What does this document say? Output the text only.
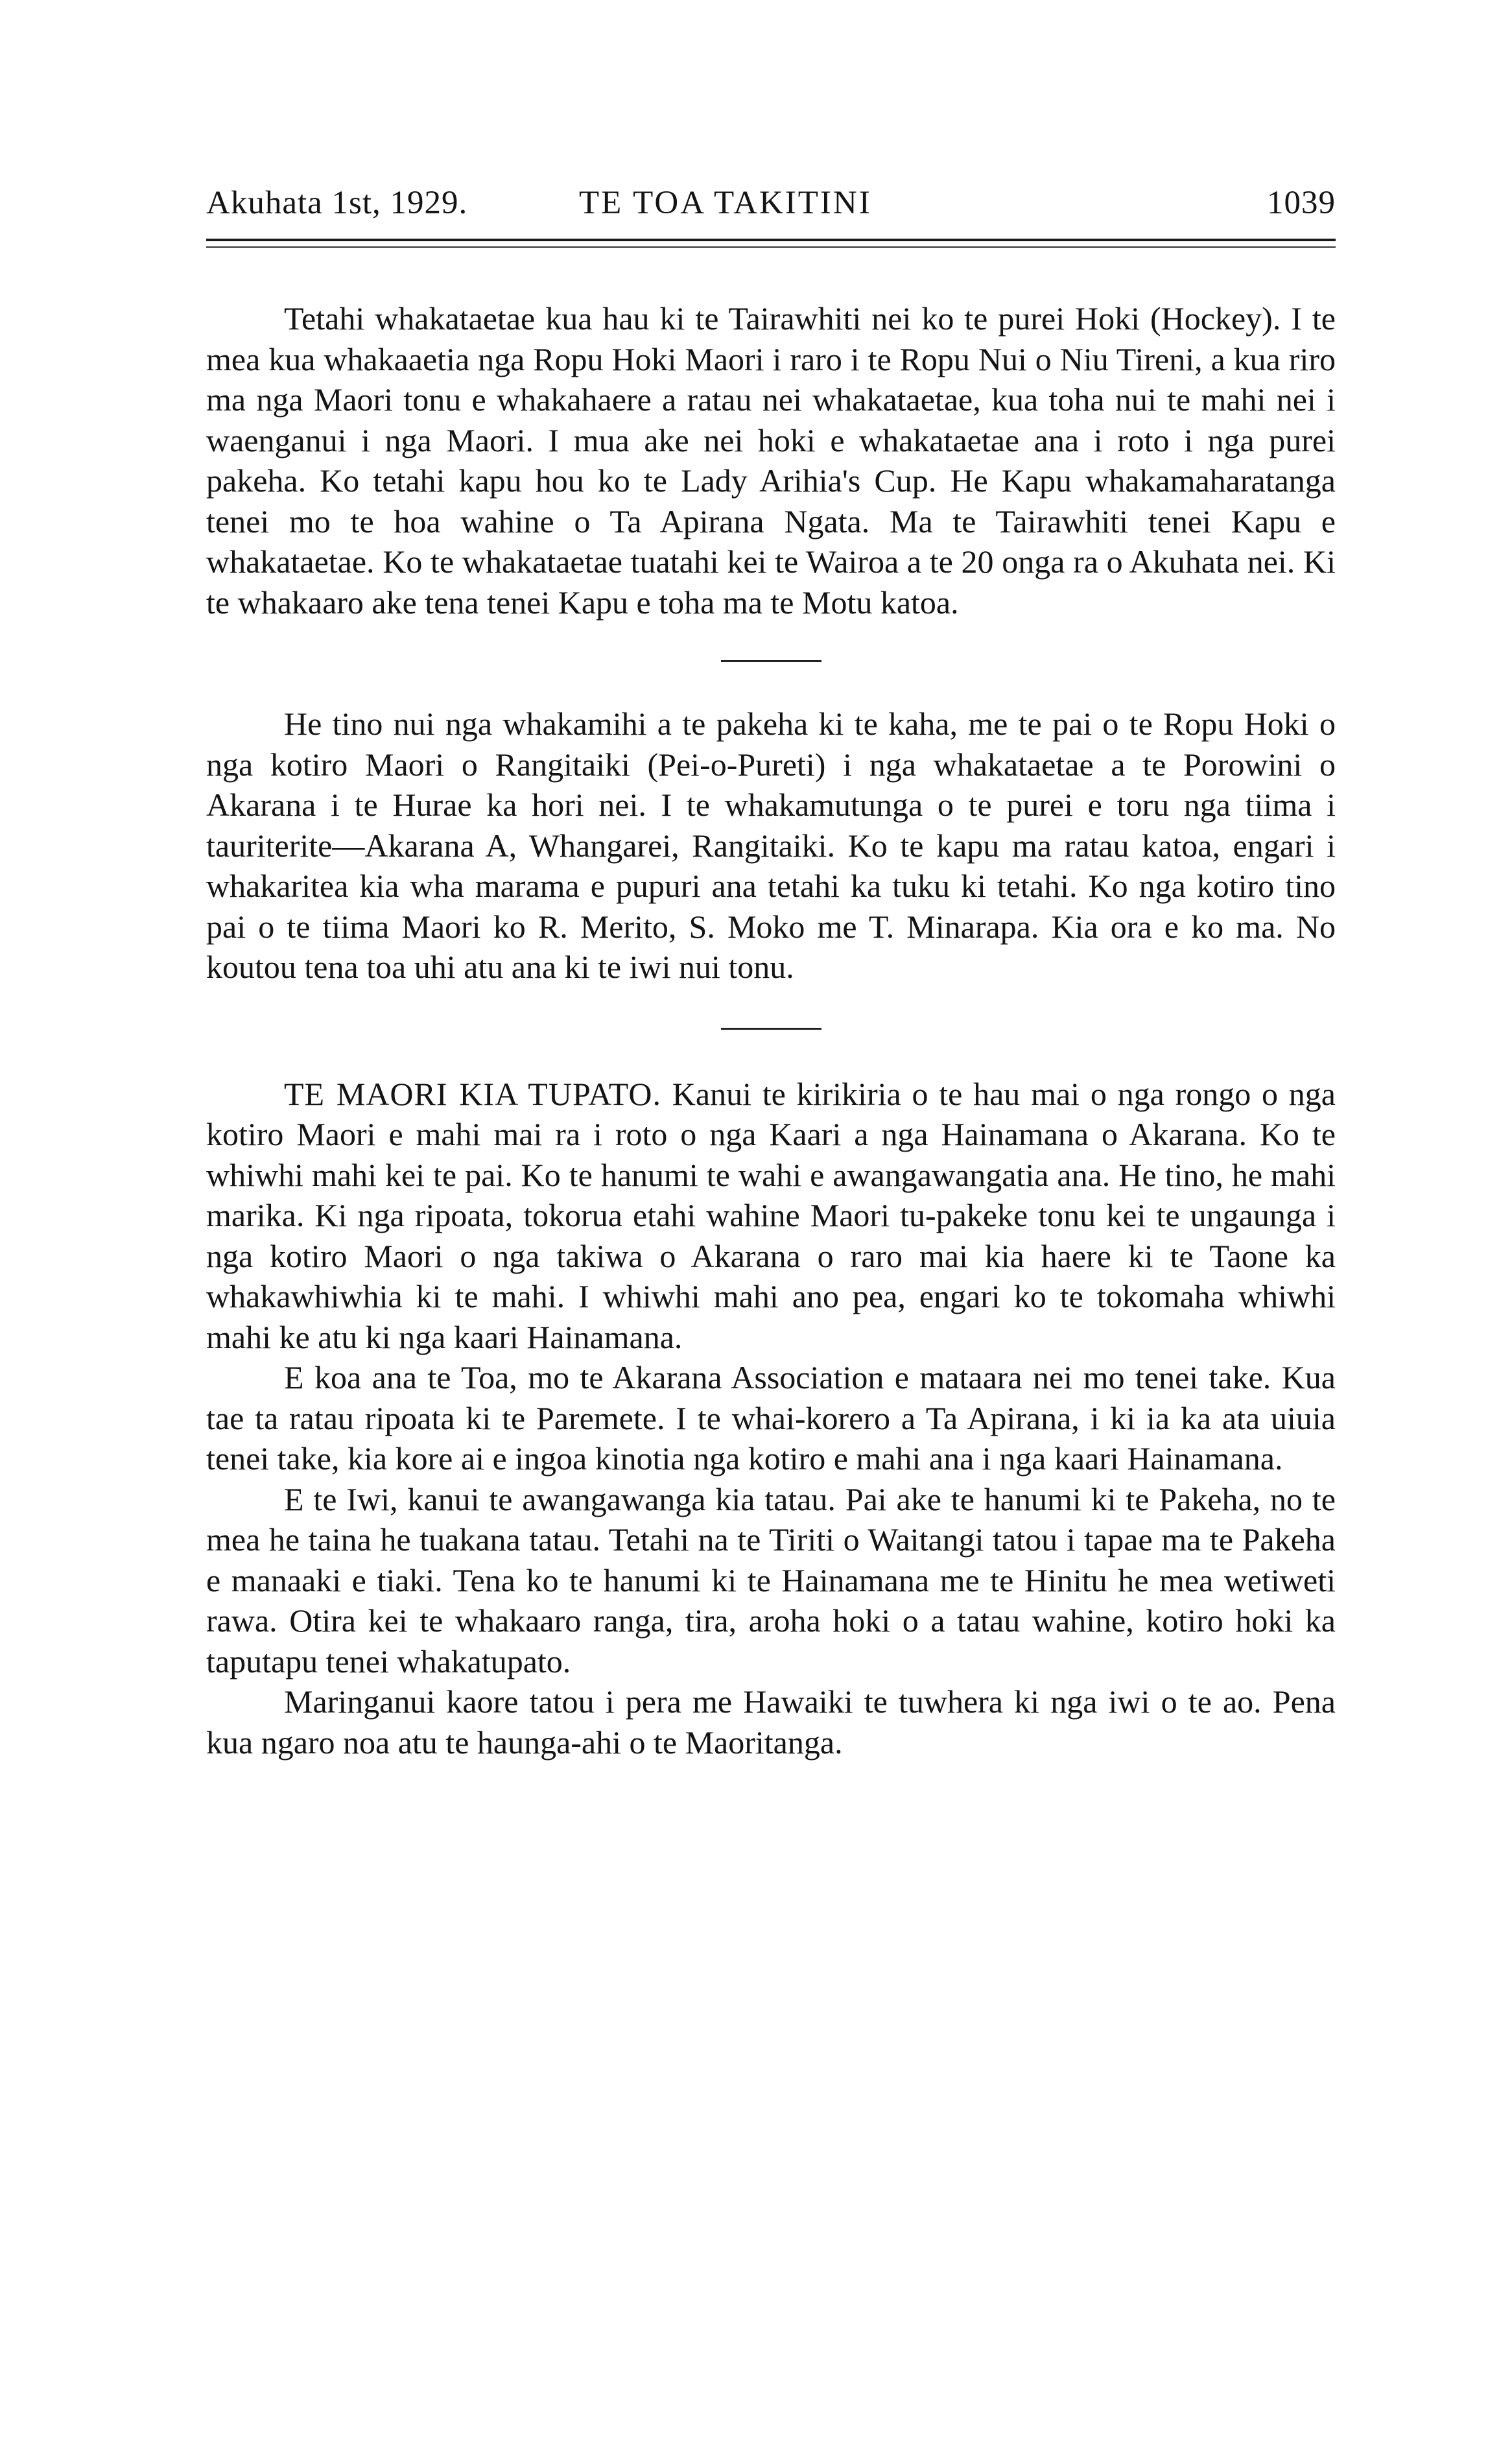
Akuhata 1st, 1929.	TE TOA TAKITINI	1039

Tetahi whakataetae kua hau ki te Tairawhiti nei ko te purei Hoki (Hockey). I te mea kua whakaaetia nga Ropu Hoki Maori i raro i te Ropu Nui o Niu Tireni, a kua riro ma nga Maori tonu e whakahaere a ratau nei whakataetae, kua toha nui te mahi nei i waenganui i nga Maori. I mua ake nei hoki e whakataetae ana i roto i nga purei pakeha. Ko tetahi kapu hou ko te Lady Arihia's Cup. He Kapu whakamaharatanga tenei mo te hoa wahine o Ta Apirana Ngata. Ma te Tairawhiti tenei Kapu e whakataetae. Ko te whakataetae tuatahi kei te Wairoa a te 20 onga ra o Akuhata nei. Ki te whakaaro ake tena tenei Kapu e toha ma te Motu katoa.

He tino nui nga whakamihi a te pakeha ki te kaha, me te pai o te Ropu Hoki o nga kotiro Maori o Rangitaiki (Pei-o-Pureti) i nga whakataetae a te Porowini o Akarana i te Hurae ka hori nei. I te whakamutunga o te purei e toru nga tiima i tauriterite—Akarana A, Whangarei, Rangitaiki. Ko te kapu ma ratau katoa, engari i whakaritea kia wha marama e pupuri ana tetahi ka tuku ki tetahi. Ko nga kotiro tino pai o te tiima Maori ko R. Merito, S. Moko me T. Minarapa. Kia ora e ko ma. No koutou tena toa uhi atu ana ki te iwi nui tonu.

TE MAORI KIA TUPATO. Kanui te kirikiria o te hau mai o nga rongo o nga kotiro Maori e mahi mai ra i roto o nga Kaari a nga Hainamana o Akarana. Ko te whiwhi mahi kei te pai. Ko te hanumi te wahi e awangawangatia ana. He tino, he mahi marika. Ki nga ripoata, tokorua etahi wahine Maori tu-pakeke tonu kei te ungaunga i nga kotiro Maori o nga takiwa o Akarana o raro mai kia haere ki te Taone ka whakawhiwhia ki te mahi. I whiwhi mahi ano pea, engari ko te tokomaha whiwhi mahi ke atu ki nga kaari Hainamana.

E koa ana te Toa, mo te Akarana Association e mataara nei mo tenei take. Kua tae ta ratau ripoata ki te Paremete. I te whai-korero a Ta Apirana, i ki ia ka ata uiuia tenei take, kia kore ai e ingoa kinotia nga kotiro e mahi ana i nga kaari Hainamana.

E te Iwi, kanui te awangawanga kia tatau. Pai ake te hanumi ki te Pakeha, no te mea he taina he tuakana tatau. Tetahi na te Tiriti o Waitangi tatou i tapae ma te Pakeha e manaaki e tiaki. Tena ko te hanumi ki te Hainamana me te Hinitu he mea wetiweti rawa. Otira kei te whakaaro ranga, tira, aroha hoki o a tatau wahine, kotiro hoki ka taputapu tenei whakatupato.

Maringanui kaore tatou i pera me Hawaiki te tuwhera ki nga iwi o te ao. Pena kua ngaro noa atu te haunga-ahi o te Maoritanga.
